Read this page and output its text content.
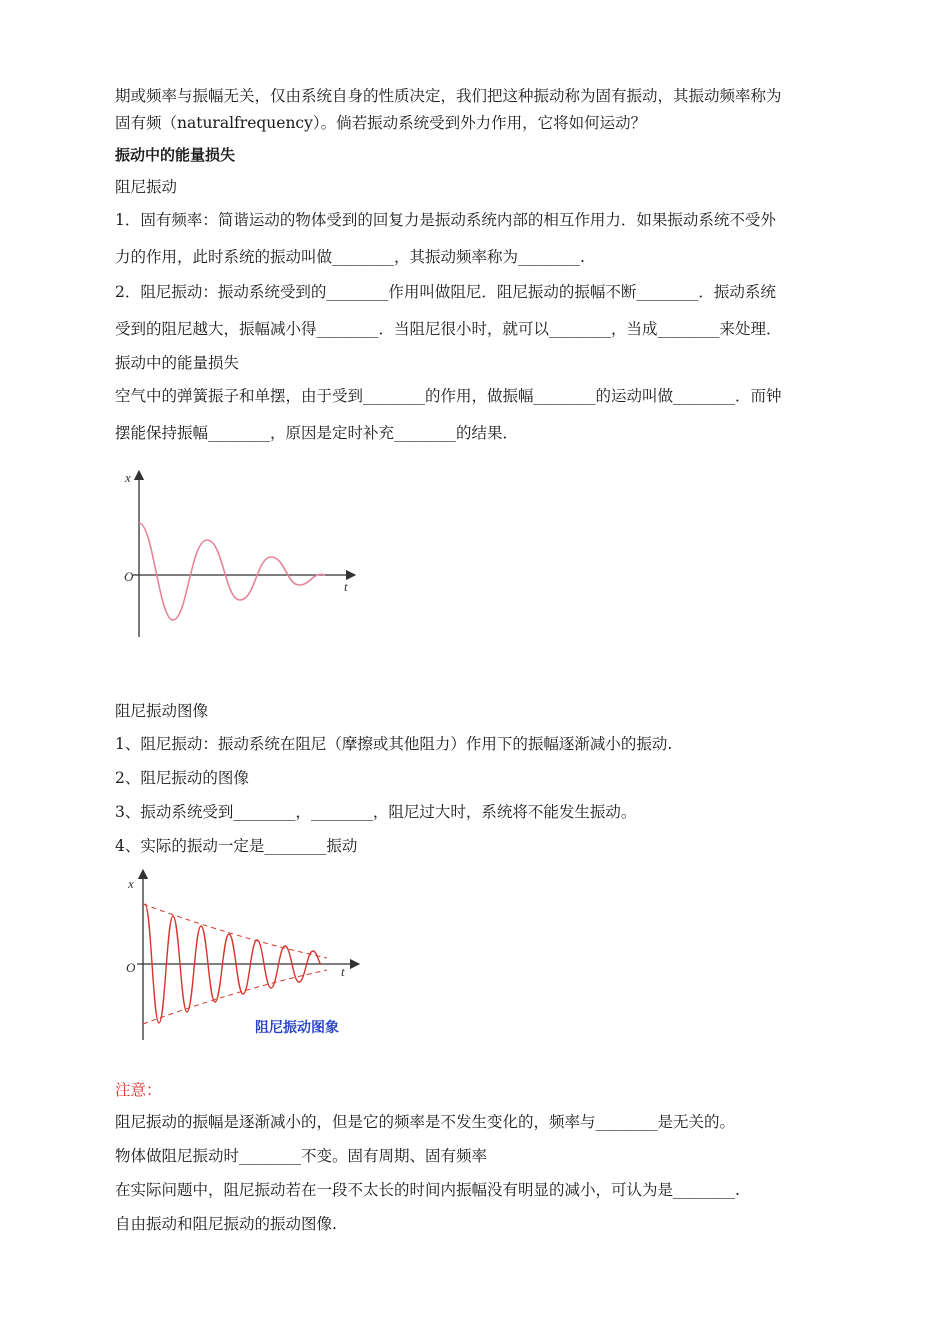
期或频率与振幅无关，仅由系统自身的性质决定，我们把这种振动称为固有振动，其振动频率称为
固有频（naturalfrequency）。倘若振动系统受到外力作用，它将如何运动？
振动中的能量损失
阻尼振动
1．固有频率：简谐运动的物体受到的回复力是振动系统内部的相互作用力．如果振动系统不受外
力的作用，此时系统的振动叫做________，其振动频率称为________.
2．阻尼振动：振动系统受到的________作用叫做阻尼．阻尼振动的振幅不断________．振动系统
受到的阻尼越大，振幅减小得________．当阻尼很小时，就可以________，当成________来处理．
振动中的能量损失
空气中的弹簧振子和单摆，由于受到________的作用，做振幅________的运动叫做________．而钟
摆能保持振幅________，原因是定时补充________的结果．
x
t
O
阻尼振动图像
1、阻尼振动：振动系统在阻尼（摩擦或其他阻力）作用下的振幅逐渐减小的振动.
2、阻尼振动的图像
3、振动系统受到________，________，阻尼过大时，系统将不能发生振动。
4、实际的振动一定是________振动
x
t
O
阻尼振动图象
注意：
阻尼振动的振幅是逐渐减小的，但是它的频率是不发生变化的，频率与________是无关的。
物体做阻尼振动时________不变。固有周期、固有频率
在实际问题中，阻尼振动若在一段不太长的时间内振幅没有明显的减小，可认为是________.
自由振动和阻尼振动的振动图像.
